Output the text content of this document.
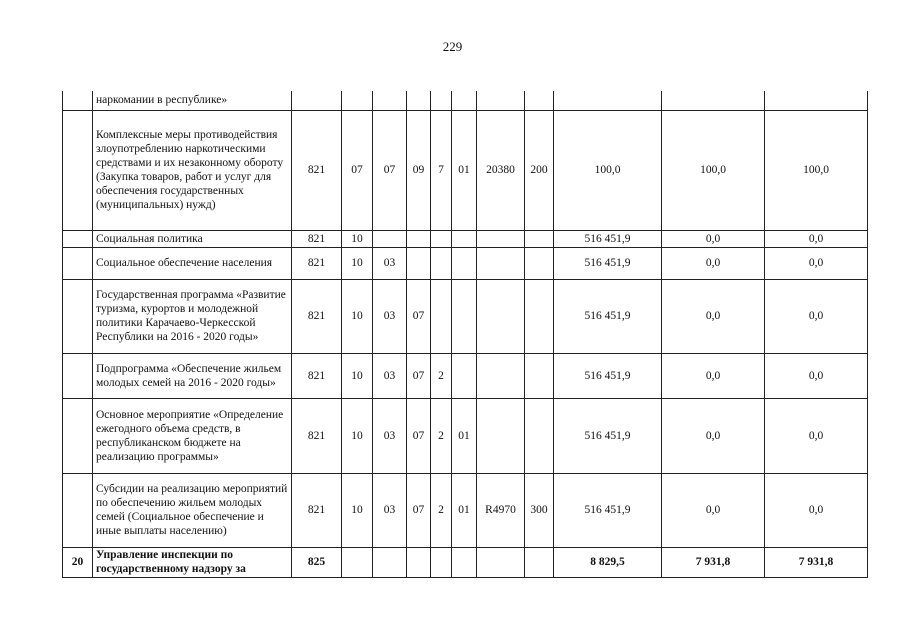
229
	наркомании в республике»											
	Комплексные меры противодействия злоупотреблению наркотическими средствами и их незаконному обороту (Закупка товаров, работ и услуг для обеспечения государственных (муниципальных) нужд)	821	07	07	09	7	01	20380	200	100,0	100,0	100,0
	Социальная политика	821	10							516 451,9	0,0	0,0
	Социальное обеспечение населения	821	10	03						516 451,9	0,0	0,0
	Государственная программа «Развитие туризма, курортов и молодежной политики Карачаево-Черкесской Республики на 2016 - 2020 годы»	821	10	03	07					516 451,9	0,0	0,0
	Подпрограмма «Обеспечение жильем молодых семей на 2016 - 2020 годы»	821	10	03	07	2				516 451,9	0,0	0,0
	Основное мероприятие «Определение ежегодного объема средств, в республиканском бюджете на реализацию программы»	821	10	03	07	2	01			516 451,9	0,0	0,0
	Субсидии на реализацию мероприятий по обеспечению жильем молодых семей (Социальное обеспечение и иные выплаты населению)	821	10	03	07	2	01	R4970	300	516 451,9	0,0	0,0
20	Управление инспекции по государственному надзору за	825								8 829,5	7 931,8	7 931,8
